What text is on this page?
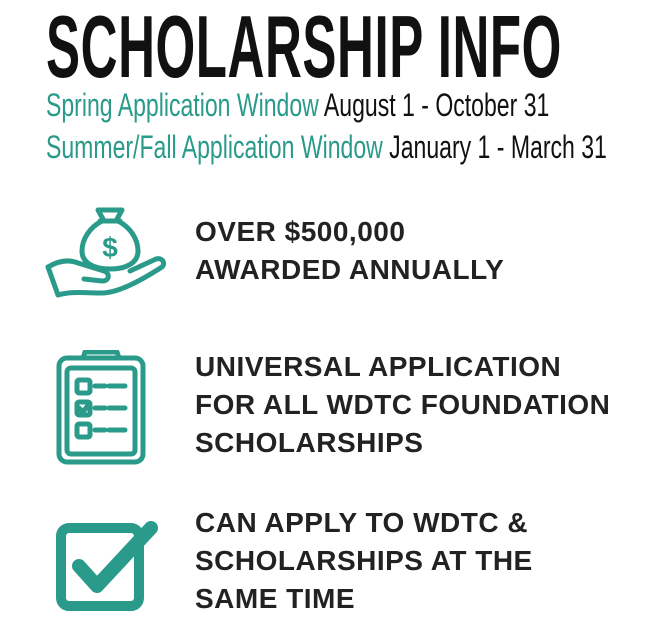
SCHOLARSHIP INFO
Spring Application Window August 1 - October 31
Summer/Fall Application Window January 1 - March 31
$
OVER $500,000
AWARDED ANNUALLY
UNIVERSAL APPLICATION
FOR ALL WDTC FOUNDATION
SCHOLARSHIPS
CAN APPLY TO WDTC &
SCHOLARSHIPS AT THE
SAME TIME
